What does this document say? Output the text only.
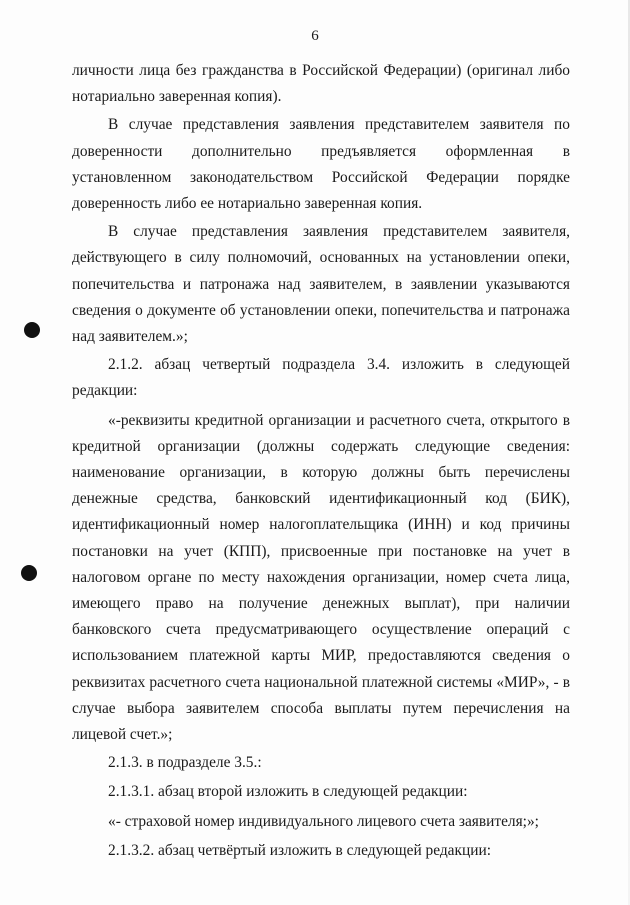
6

личности лица без гражданства в Российской Федерации) (оригинал либо нотариально заверенная копия).

В случае представления заявления представителем заявителя по доверенности дополнительно предъявляется оформленная в установленном законодательством Российской Федерации порядке доверенность либо ее нотариально заверенная копия.

В случае представления заявления представителем заявителя, действующего в силу полномочий, основанных на установлении опеки, попечительства и патронажа над заявителем, в заявлении указываются сведения о документе об установлении опеки, попечительства и патронажа над заявителем.»;

2.1.2. абзац четвертый подраздела 3.4. изложить в следующей редакции:

«-реквизиты кредитной организации и расчетного счета, открытого в кредитной организации (должны содержать следующие сведения: наименование организации, в которую должны быть перечислены денежные средства, банковский идентификационный код (БИК), идентификационный номер налогоплательщика (ИНН) и код причины постановки на учет (КПП), присвоенные при постановке на учет в налоговом органе по месту нахождения организации, номер счета лица, имеющего право на получение денежных выплат), при наличии банковского счета предусматривающего осуществление операций с использованием платежной карты МИР, предоставляются сведения о реквизитах расчетного счета национальной платежной системы «МИР», - в случае выбора заявителем способа выплаты путем перечисления на лицевой счет.»;

2.1.3. в подразделе 3.5.:

2.1.3.1. абзац второй изложить в следующей редакции:

«- страховой номер индивидуального лицевого счета заявителя;»;

2.1.3.2. абзац четвёртый изложить в следующей редакции:
